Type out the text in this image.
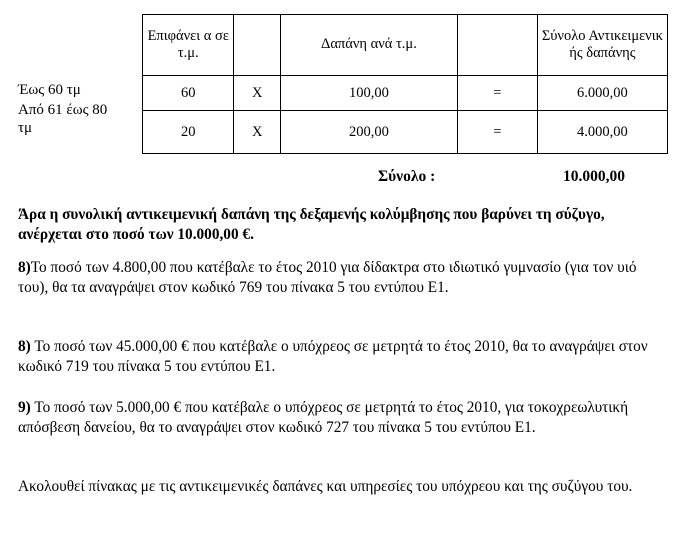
Έως 60 τμ
Από 61 έως 80
τμ
Επιφάνει α σε τ.μ.		Δαπάνη ανά τ.μ.		Σύνολο Αντικειμενικ ής δαπάνης
60	Χ	100,00	=	6.000,00
20	Χ	200,00	=	4.000,00
Σύνολο :	10.000,00
Άρα η συνολική αντικειμενική δαπάνη της δεξαμενής κολύμβησης που βαρύνει τη σύζυγο, ανέρχεται στο ποσό των 10.000,00 €.
8)Το ποσό των 4.800,00 που κατέβαλε το έτος 2010 για δίδακτρα στο ιδιωτικό γυμνασίο (για τον υιό του), θα τα αναγράψει στον κωδικό 769 του πίνακα 5 του εντύπου Ε1.
8) Το ποσό των 45.000,00 € που κατέβαλε ο υπόχρεος σε μετρητά το έτος 2010, θα το αναγράψει στον κωδικό 719 του πίνακα 5 του εντύπου Ε1.
9) Το ποσό των 5.000,00 € που κατέβαλε ο υπόχρεος σε μετρητά το έτος 2010, για τοκοχρεωλυτική απόσβεση δανείου, θα το αναγράψει στον κωδικό 727 του πίνακα 5 του εντύπου Ε1.
Ακολουθεί πίνακας με τις αντικειμενικές δαπάνες και υπηρεσίες του υπόχρεου και της συζύγου του.
